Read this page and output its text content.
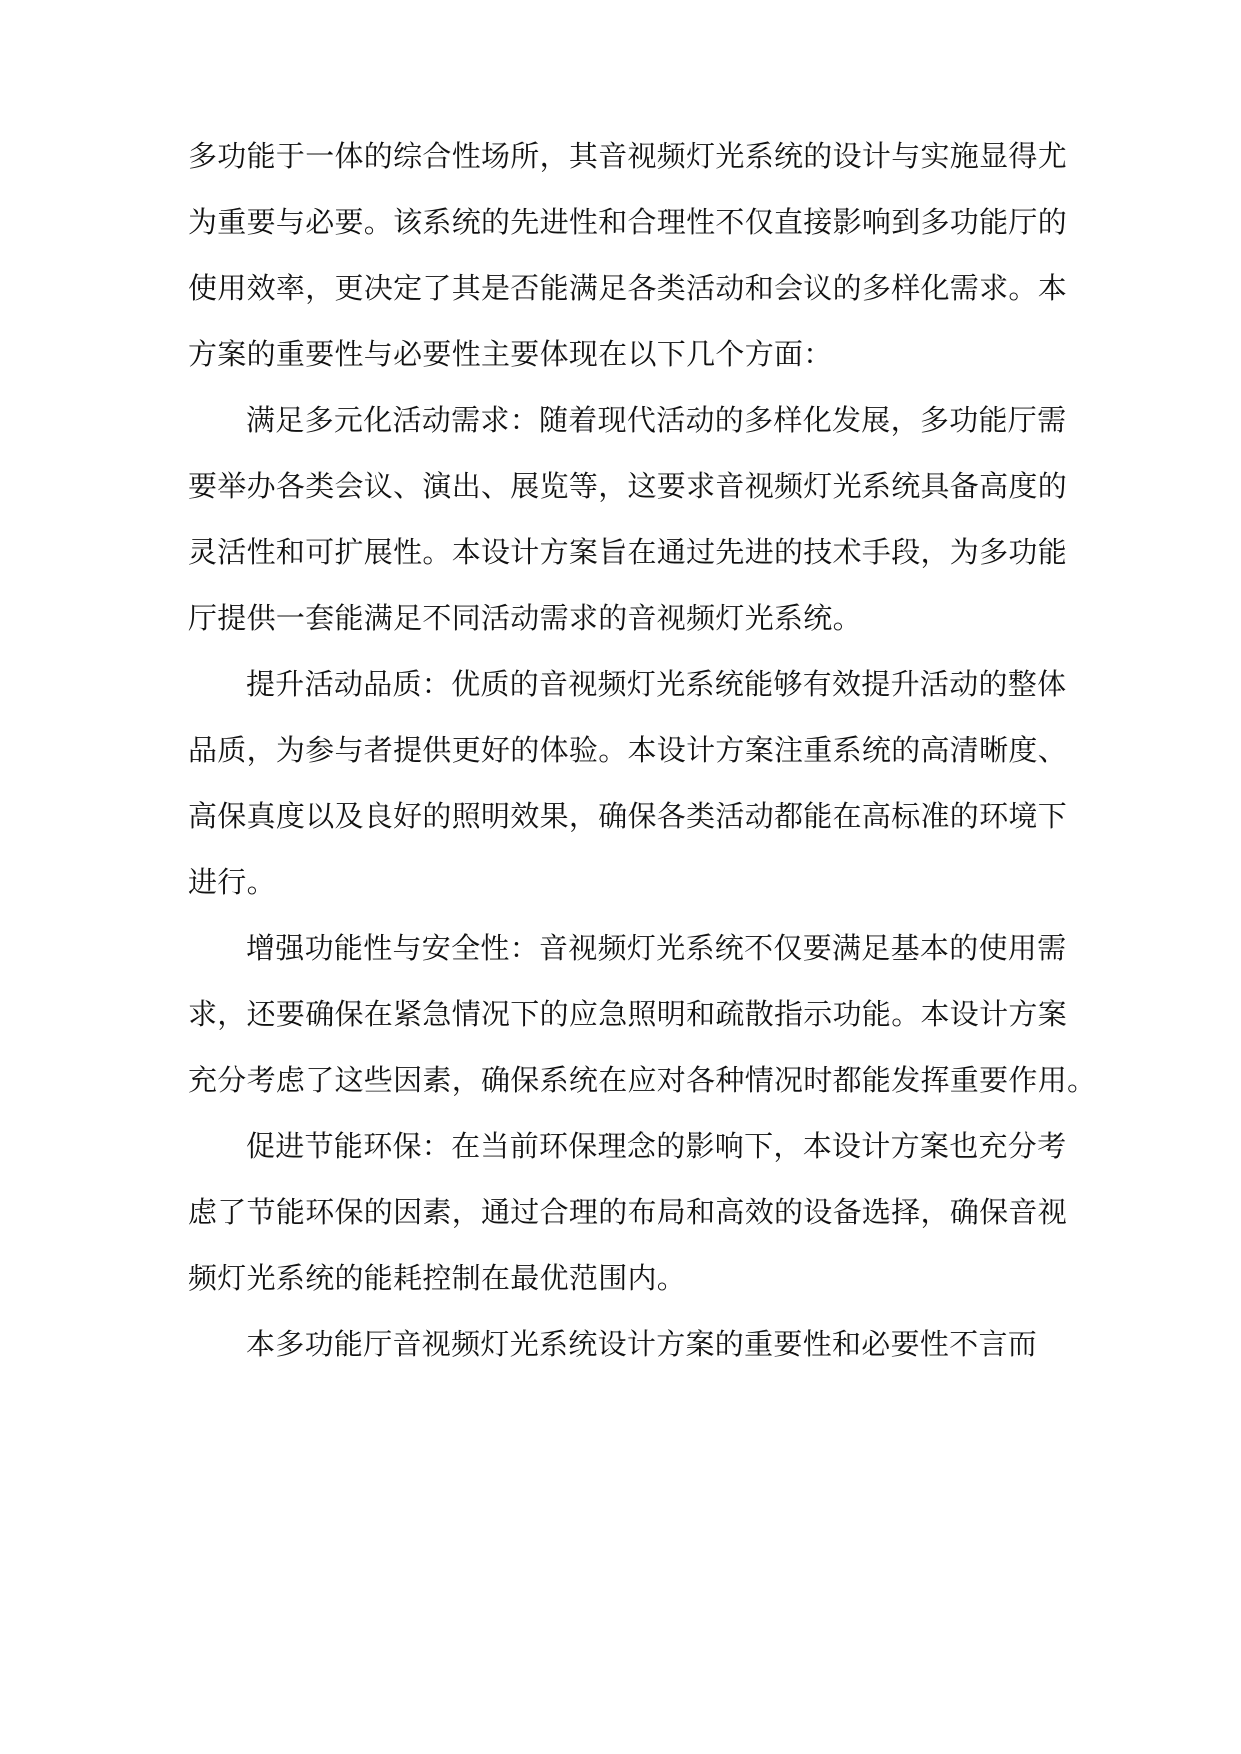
多功能于一体的综合性场所，其音视频灯光系统的设计与实施显得尤
为重要与必要。该系统的先进性和合理性不仅直接影响到多功能厅的
使用效率，更决定了其是否能满足各类活动和会议的多样化需求。本
方案的重要性与必要性主要体现在以下几个方面：
满足多元化活动需求：随着现代活动的多样化发展，多功能厅需
要举办各类会议、演出、展览等，这要求音视频灯光系统具备高度的
灵活性和可扩展性。本设计方案旨在通过先进的技术手段，为多功能
厅提供一套能满足不同活动需求的音视频灯光系统。
提升活动品质：优质的音视频灯光系统能够有效提升活动的整体
品质，为参与者提供更好的体验。本设计方案注重系统的高清晰度、
高保真度以及良好的照明效果，确保各类活动都能在高标准的环境下
进行。
增强功能性与安全性：音视频灯光系统不仅要满足基本的使用需
求，还要确保在紧急情况下的应急照明和疏散指示功能。本设计方案
充分考虑了这些因素，确保系统在应对各种情况时都能发挥重要作用。
促进节能环保：在当前环保理念的影响下，本设计方案也充分考
虑了节能环保的因素，通过合理的布局和高效的设备选择，确保音视
频灯光系统的能耗控制在最优范围内。
本多功能厅音视频灯光系统设计方案的重要性和必要性不言而
